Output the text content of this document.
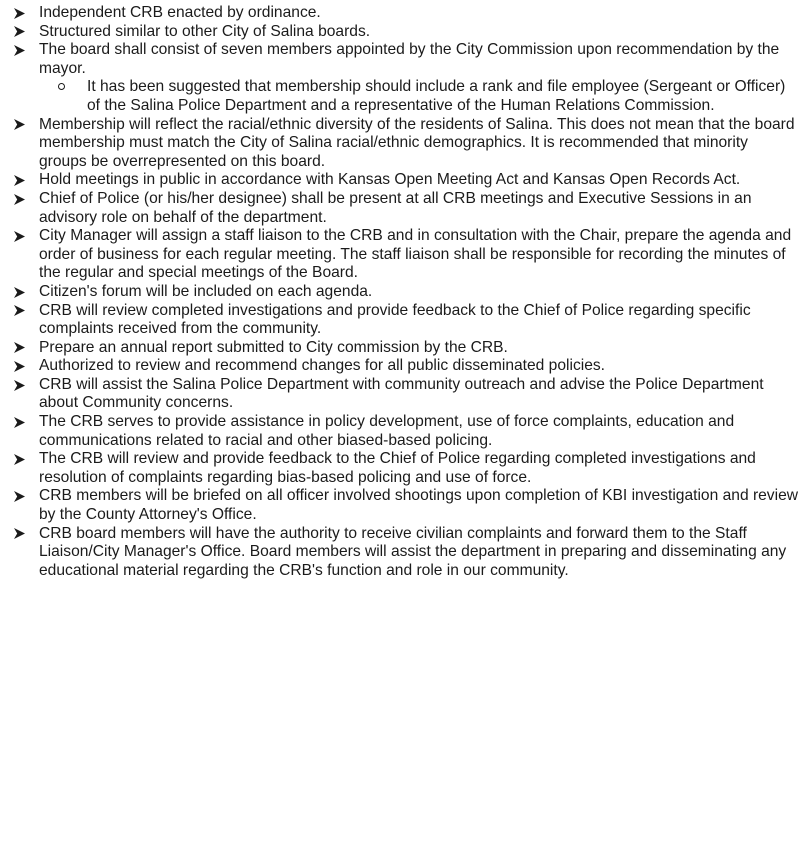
Independent CRB enacted by ordinance.
Structured similar to other City of Salina boards.
The board shall consist of seven members appointed by the City Commission upon recommendation by the mayor.
It has been suggested that membership should include a rank and file employee (Sergeant or Officer) of the Salina Police Department and a representative of the Human Relations Commission.
Membership will reflect the racial/ethnic diversity of the residents of Salina. This does not mean that the board membership must match the City of Salina racial/ethnic demographics. It is recommended that minority groups be overrepresented on this board.
Hold meetings in public in accordance with Kansas Open Meeting Act and Kansas Open Records Act.
Chief of Police (or his/her designee) shall be present at all CRB meetings and Executive Sessions in an advisory role on behalf of the department.
City Manager will assign a staff liaison to the CRB and in consultation with the Chair, prepare the agenda and order of business for each regular meeting. The staff liaison shall be responsible for recording the minutes of the regular and special meetings of the Board.
Citizen's forum will be included on each agenda.
CRB will review completed investigations and provide feedback to the Chief of Police regarding specific complaints received from the community.
Prepare an annual report submitted to City commission by the CRB.
Authorized to review and recommend changes for all public disseminated policies.
CRB will assist the Salina Police Department with community outreach and advise the Police Department about Community concerns.
The CRB serves to provide assistance in policy development, use of force complaints, education and communications related to racial and other biased-based policing.
The CRB will review and provide feedback to the Chief of Police regarding completed investigations and resolution of complaints regarding bias-based policing and use of force.
CRB members will be briefed on all officer involved shootings upon completion of KBI investigation and review by the County Attorney's Office.
CRB board members will have the authority to receive civilian complaints and forward them to the Staff Liaison/City Manager's Office. Board members will assist the department in preparing and disseminating any educational material regarding the CRB's function and role in our community.
